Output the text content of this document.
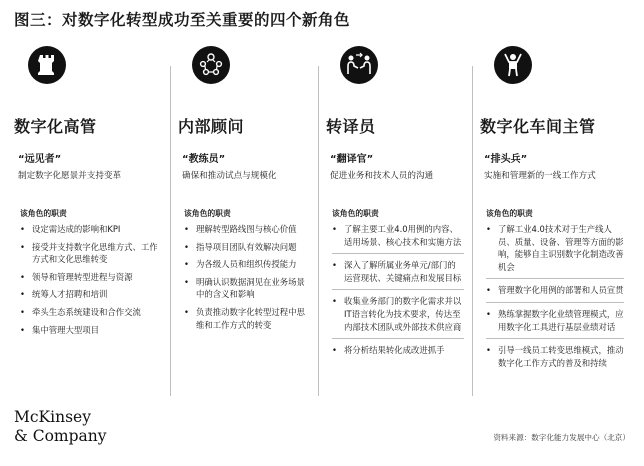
图三：对数字化转型成功至关重要的四个新角色
数字化高管
“远见者”
制定数字化愿景并支持变革
该角色的职责
• 设定需达成的影响和KPI
• 接受并支持数字化思维方式、工作方式和文化思维转变
• 领导和管理转型进程与资源
• 统筹人才招聘和培训
• 牵头生态系统建设和合作交流
• 集中管理大型项目
内部顾问
“教练员”
确保和推动试点与规模化
该角色的职责
• 理解转型路线图与核心价值
• 指导项目团队有效解决问题
• 为各级人员和组织传授能力
• 明确认识数据洞见在业务场景中的含义和影响
• 负责推动数字化转型过程中思维和工作方式的转变
转译员
“翻译官”
促进业务和技术人员的沟通
该角色的职责
• 了解主要工业4.0用例的内容、适用场景、核心技术和实施方法
• 深入了解所属业务单元/部门的运营现状、关键痛点和发展目标
• 收集业务部门的数字化需求并以IT语言转化为技术要求，传达至内部技术团队或外部技术供应商
• 将分析结果转化成改进抓手
数字化车间主管
“排头兵”
实施和管理新的一线工作方式
该角色的职责
• 了解工业4.0技术对于生产线人员、质量、设备、管理等方面的影响，能够自主识别数字化制造改善机会
• 管理数字化用例的部署和人员宣贯
• 熟练掌握数字化业绩管理模式，应用数字化工具进行基层业绩对话
• 引导一线员工转变思维模式，推动数字化工作方式的普及和持续
McKinsey
& Company	资料来源：数字化能力发展中心（北京）
